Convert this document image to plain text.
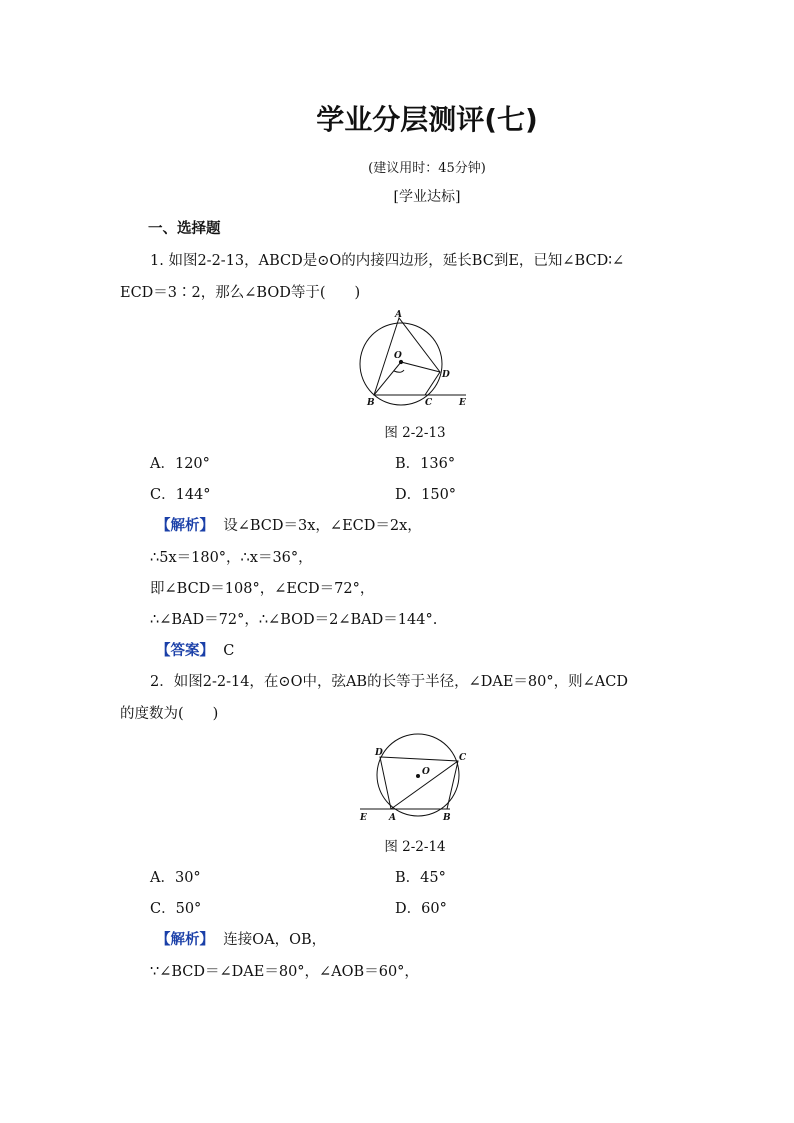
学业分层测评(七)
(建议用时：45分钟)
[学业达标]
一、选择题
1. 如图2-2-13，ABCD是⊙O的内接四边形，延长BC到E，已知∠BCD∶∠
ECD＝3∶2，那么∠BOD等于(　　)
A
O
D
B	C	E
图 2-2-13
A．120°	B．136°
C．144°	D．150°
【解析】 设∠BCD＝3x，∠ECD＝2x，
∴5x＝180°，∴x＝36°，
即∠BCD＝108°，∠ECD＝72°，
∴∠BAD＝72°，∴∠BOD＝2∠BAD＝144°.
【答案】 C
2．如图2-2-14，在⊙O中，弦AB的长等于半径，∠DAE＝80°，则∠ACD
的度数为(　　)
D	C
O
E A	B
图 2-2-14
A．30°	B．45°
C．50°	D．60°
【解析】 连接OA，OB，
∵∠BCD＝∠DAE＝80°，∠AOB＝60°，
